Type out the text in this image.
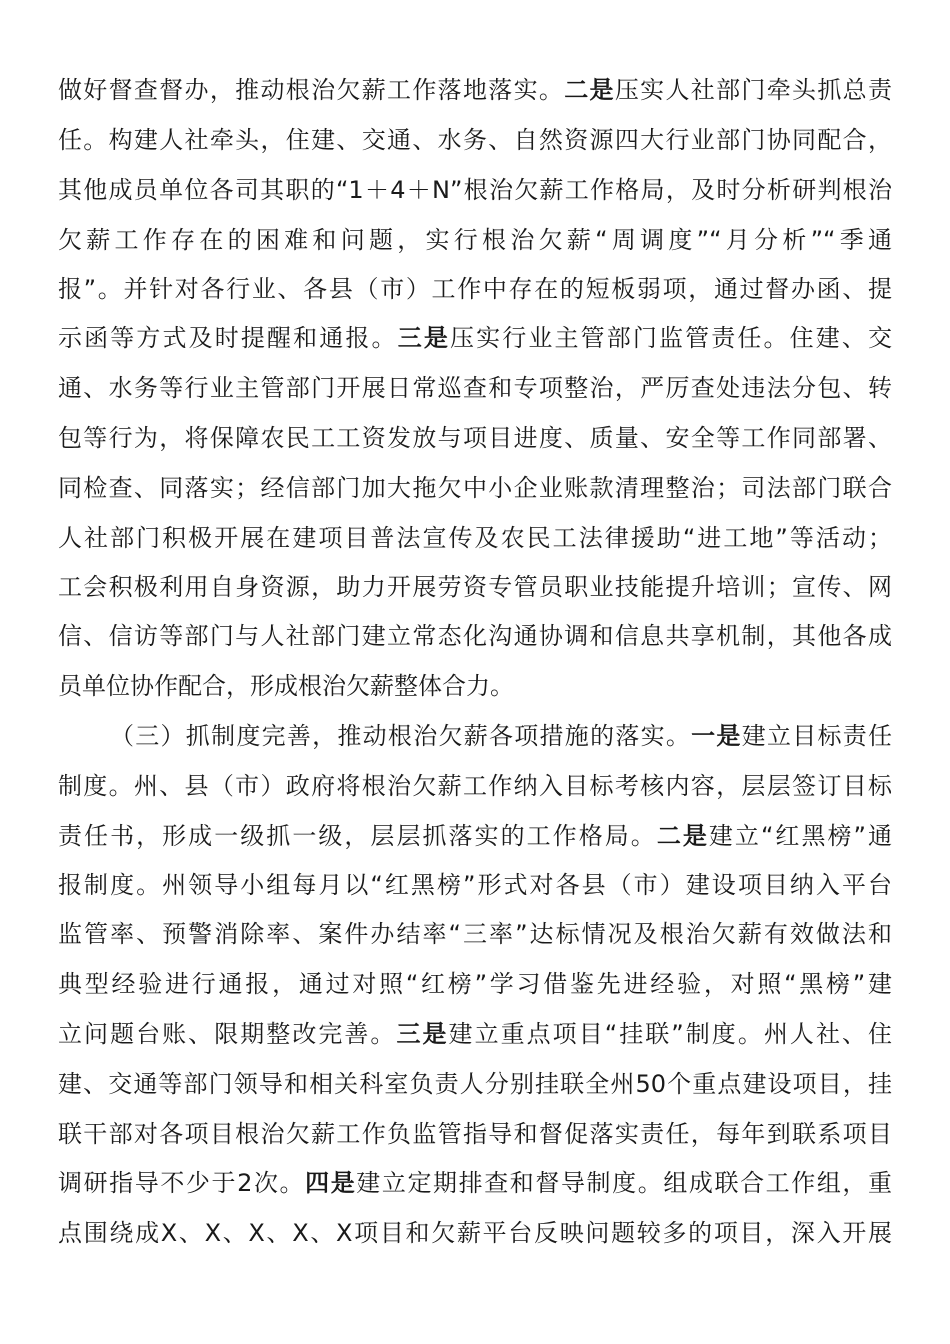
做好督查督办，推动根治欠薪工作落地落实。二是压实人社部门牵头抓总责
任。构建人社牵头，住建、交通、水务、自然资源四大行业部门协同配合，
其他成员单位各司其职的“1＋4＋N”根治欠薪工作格局，及时分析研判根治
欠薪工作存在的困难和问题，实行根治欠薪“周调度”“月分析”“季通
报”。并针对各行业、各县（市）工作中存在的短板弱项，通过督办函、提
示函等方式及时提醒和通报。三是压实行业主管部门监管责任。住建、交
通、水务等行业主管部门开展日常巡查和专项整治，严厉查处违法分包、转
包等行为，将保障农民工工资发放与项目进度、质量、安全等工作同部署、
同检查、同落实；经信部门加大拖欠中小企业账款清理整治；司法部门联合
人社部门积极开展在建项目普法宣传及农民工法律援助“进工地”等活动；
工会积极利用自身资源，助力开展劳资专管员职业技能提升培训；宣传、网
信、信访等部门与人社部门建立常态化沟通协调和信息共享机制，其他各成
员单位协作配合，形成根治欠薪整体合力。
（三）抓制度完善，推动根治欠薪各项措施的落实。一是建立目标责任
制度。州、县（市）政府将根治欠薪工作纳入目标考核内容，层层签订目标
责任书，形成一级抓一级，层层抓落实的工作格局。二是建立“红黑榜”通
报制度。州领导小组每月以“红黑榜”形式对各县（市）建设项目纳入平台
监管率、预警消除率、案件办结率“三率”达标情况及根治欠薪有效做法和
典型经验进行通报，通过对照“红榜”学习借鉴先进经验，对照“黑榜”建
立问题台账、限期整改完善。三是建立重点项目“挂联”制度。州人社、住
建、交通等部门领导和相关科室负责人分别挂联全州50个重点建设项目，挂
联干部对各项目根治欠薪工作负监管指导和督促落实责任，每年到联系项目
调研指导不少于2次。四是建立定期排查和督导制度。组成联合工作组，重
点围绕成X、X、X、X、X项目和欠薪平台反映问题较多的项目，深入开展
